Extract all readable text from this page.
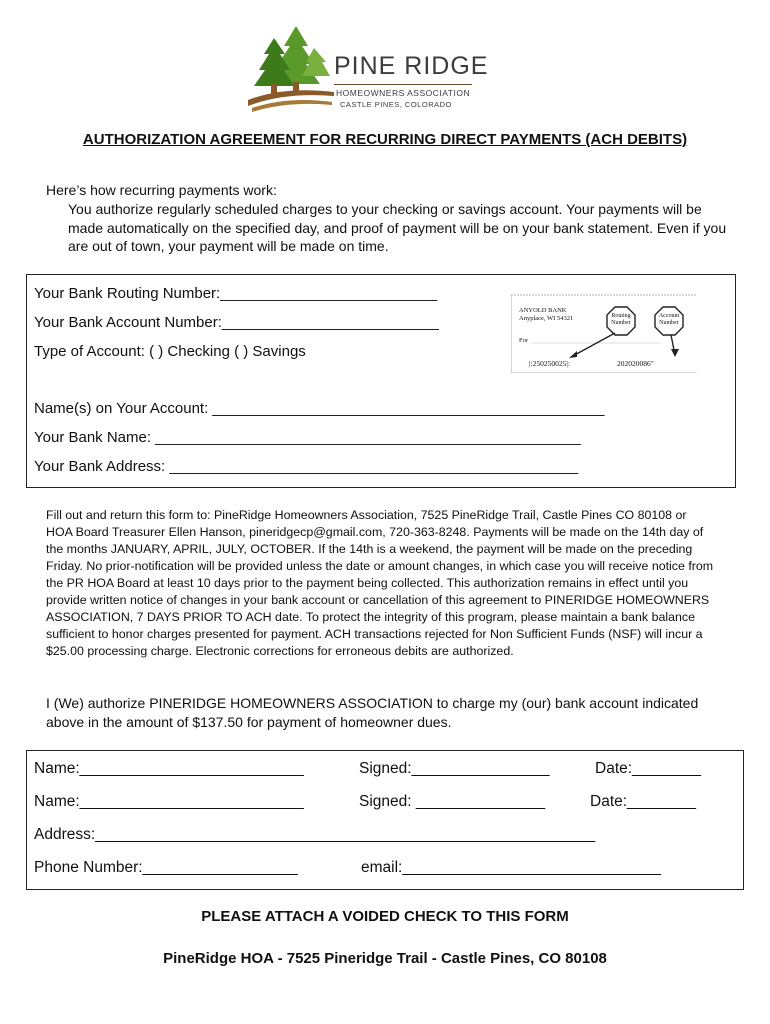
PINE RIDGE
HOMEOWNERS ASSOCIATION
CASTLE PINES, COLORADO
AUTHORIZATION AGREEMENT FOR RECURRING DIRECT PAYMENTS (ACH DEBITS)
Here’s how recurring payments work:
You authorize regularly scheduled charges to your checking or savings account. Your payments will be made automatically on the specified day, and proof of payment will be on your bank statement. Even if you are out of town, your payment will be made on time.
Your Bank Routing Number:__________________________
Your Bank Account Number:__________________________
Type of Account: ( ) Checking ( ) Savings
ANYOLD BANK
Anyplace, WI 54321
For
Routing Number
Account Number
|:250250025|:	202020086"
Name(s) on Your Account: _______________________________________________
Your Bank Name: ___________________________________________________
Your Bank Address: _________________________________________________
Fill out and return this form to: PineRidge Homeowners Association, 7525 PineRidge Trail, Castle Pines CO 80108 or HOA Board Treasurer Ellen Hanson, pineridgecp@gmail.com, 720-363-8248. Payments will be made on the 14th day of the months JANUARY, APRIL, JULY, OCTOBER. If the 14th is a weekend, the payment will be made on the preceding Friday. No prior-notification will be provided unless the date or amount changes, in which case you will receive notice from the PR HOA Board at least 10 days prior to the payment being collected. This authorization remains in effect until you provide written notice of changes in your bank account or cancellation of this agreement to PINERIDGE HOMEOWNERS ASSOCIATION, 7 DAYS PRIOR TO ACH date. To protect the integrity of this program, please maintain a bank balance sufficient to honor charges presented for payment. ACH transactions rejected for Non Sufficient Funds (NSF) will incur a $25.00 processing charge. Electronic corrections for erroneous debits are authorized.
I (We) authorize PINERIDGE HOMEOWNERS ASSOCIATION to charge my (our) bank account indicated above in the amount of $137.50 for payment of homeowner dues.
Name:__________________________	Signed:________________	Date:________
Name:__________________________	Signed: _______________	Date:________
Address:__________________________________________________________
Phone Number:__________________	email:______________________________
PLEASE ATTACH A VOIDED CHECK TO THIS FORM
PineRidge HOA - 7525 Pineridge Trail - Castle Pines, CO 80108
